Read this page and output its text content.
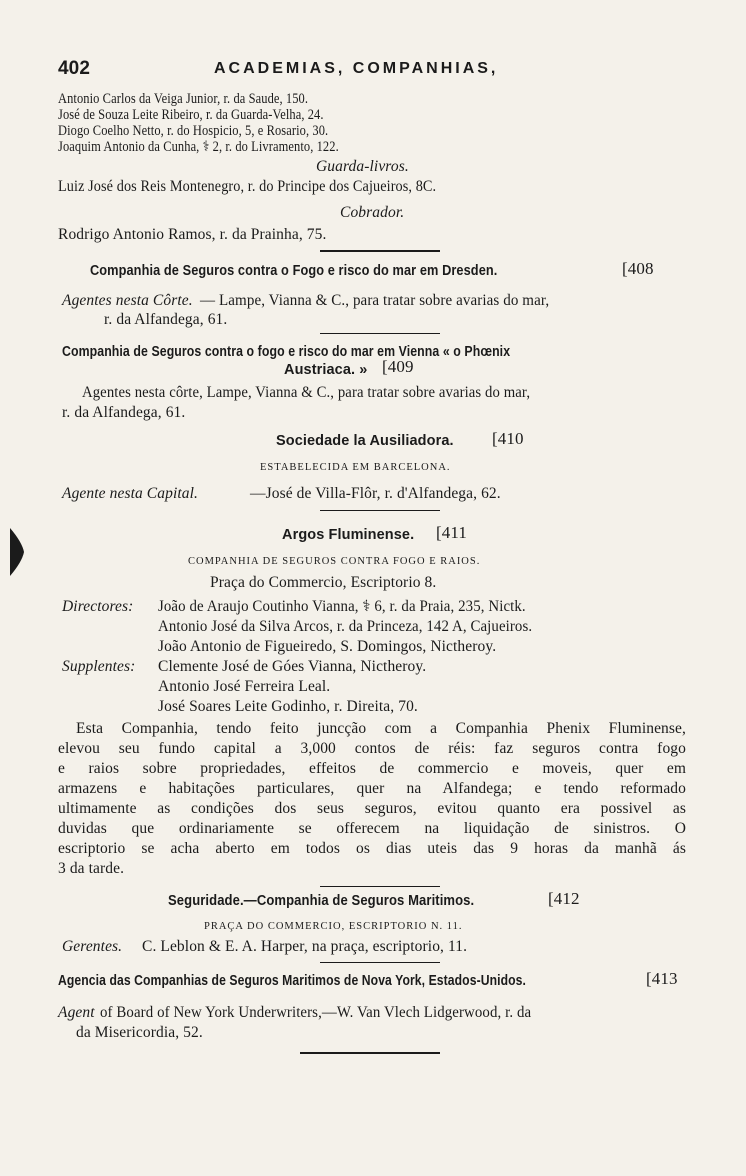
402	ACADEMIAS, COMPANHIAS,
Antonio Carlos da Veiga Junior, r. da Saude, 150.
José de Souza Leite Ribeiro, r. da Guarda-Velha, 24.
Diogo Coelho Netto, r. do Hospicio, 5, e Rosario, 30.
Joaquim Antonio da Cunha, ⚕ 2, r. do Livramento, 122.
Guarda-livros.
Luiz José dos Reis Montenegro, r. do Principe dos Cajueiros, 8C.
Cobrador.
Rodrigo Antonio Ramos, r. da Prainha, 75.
Companhia de Seguros contra o Fogo e risco do mar em Dresden.	[408
Agentes nesta Côrte. — Lampe, Vianna & C., para tratar sobre avarias do mar,
r. da Alfandega, 61.
Companhia de Seguros contra o fogo e risco do mar em Vienna « o Phœnix
Austriaca. » [409
Agentes nesta côrte, Lampe, Vianna & C., para tratar sobre avarias do mar,
r. da Alfandega, 61.
Sociedade la Ausiliadora. [410
ESTABELECIDA EM BARCELONA.
Agente nesta Capital.	—José de Villa-Flôr, r. d'Alfandega, 62.
Argos Fluminense. [411
COMPANHIA DE SEGUROS CONTRA FOGO E RAIOS.
Praça do Commercio, Escriptorio 8.
Directores: João de Araujo Coutinho Vianna, ⚕ 6, r. da Praia, 235, Nictk.
Antonio José da Silva Arcos, r. da Princeza, 142 A, Cajueiros.
João Antonio de Figueiredo, S. Domingos, Nictheroy.
Supplentes: Clemente José de Góes Vianna, Nictheroy.
Antonio José Ferreira Leal.
José Soares Leite Godinho, r. Direita, 70.
Esta Companhia, tendo feito juncção com a Companhia Phenix Fluminense,
elevou seu fundo capital a 3,000 contos de réis: faz seguros contra fogo
e raios sobre propriedades, effeitos de commercio e moveis, quer em
armazens e habitações particulares, quer na Alfandega; e tendo reformado
ultimamente as condições dos seus seguros, evitou quanto era possivel as
duvidas que ordinariamente se offerecem na liquidação de sinistros. O
escriptorio se acha aberto em todos os dias uteis das 9 horas da manhã ás
3 da tarde.
Seguridade.—Companhia de Seguros Maritimos.	[412
PRAÇA DO COMMERCIO, ESCRIPTORIO N. 11.
Gerentes. C. Leblon & E. A. Harper, na praça, escriptorio, 11.
Agencia das Companhias de Seguros Maritimos de Nova York, Estados-Unidos.	[413
Agent of Board of New York Underwriters,—W. Van Vlech Lidgerwood, r. da
da Misericordia, 52.
